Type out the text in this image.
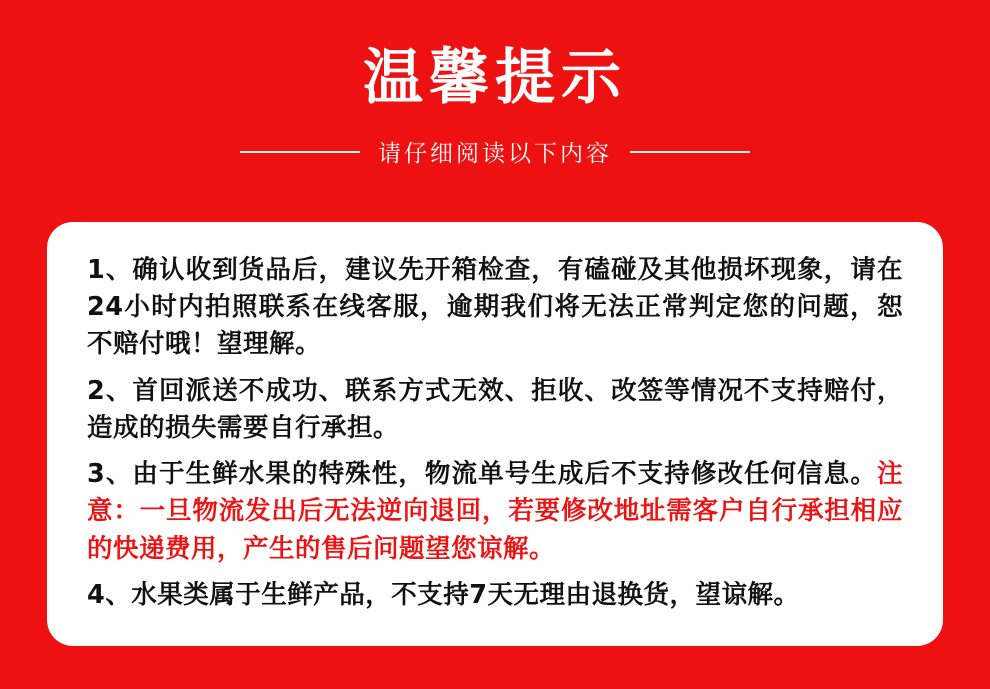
温馨提示
请仔细阅读以下内容

1、确认收到货品后，建议先开箱检查，有磕碰及其他损坏现象，请在24小时内拍照联系在线客服，逾期我们将无法正常判定您的问题，恕不赔付哦！望理解。

2、首回派送不成功、联系方式无效、拒收、改签等情况不支持赔付，造成的损失需要自行承担。

3、由于生鲜水果的特殊性，物流单号生成后不支持修改任何信息。注意：一旦物流发出后无法逆向退回，若要修改地址需客户自行承担相应的快递费用，产生的售后问题望您谅解。

4、水果类属于生鲜产品，不支持7天无理由退换货，望谅解。
